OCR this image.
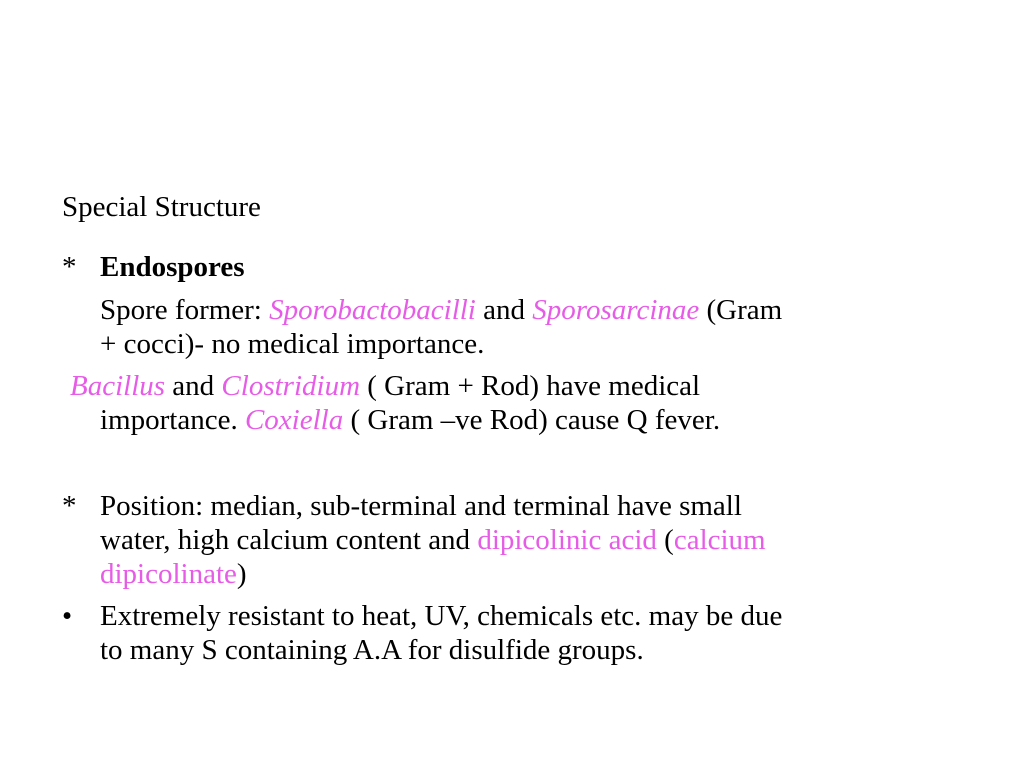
Special Structure
* Endospores
Spore former: Sporobactobacilli and Sporosarcinae (Gram
+ cocci)- no medical importance.
Bacillus and Clostridium ( Gram + Rod) have medical
importance. Coxiella ( Gram –ve Rod) cause Q fever.
* Position: median, sub-terminal and terminal have small
water, high calcium content and dipicolinic acid (calcium
dipicolinate)
• Extremely resistant to heat, UV, chemicals etc. may be due
to many S containing A.A for disulfide groups.
